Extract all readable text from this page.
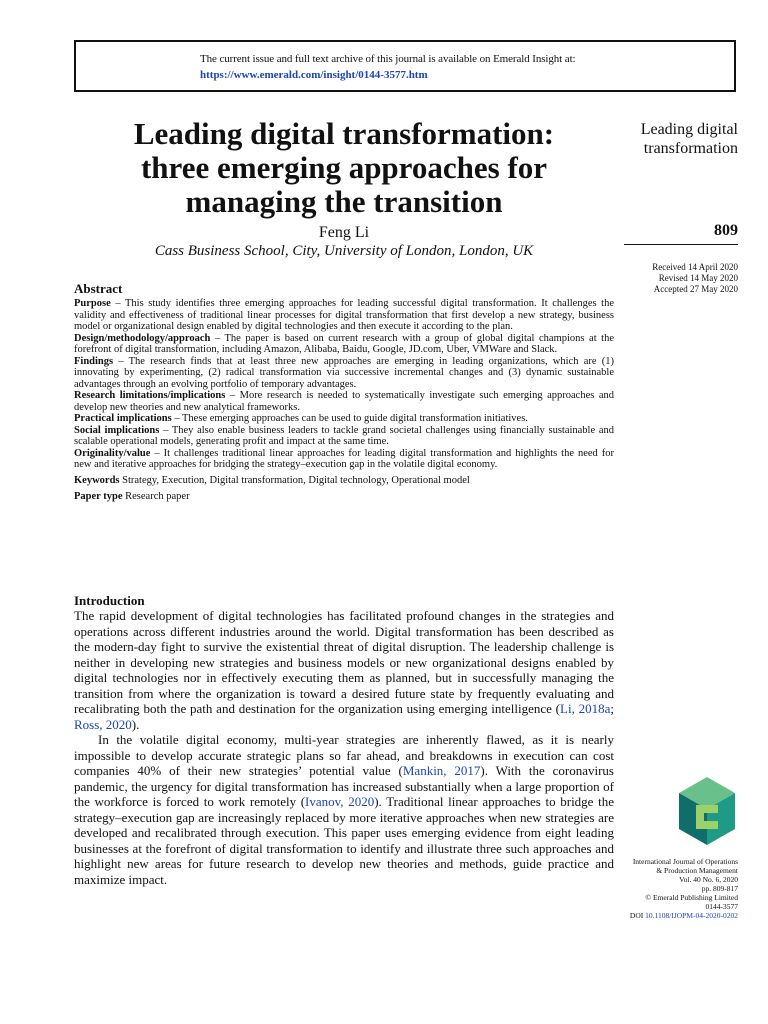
The current issue and full text archive of this journal is available on Emerald Insight at:
https://www.emerald.com/insight/0144-3577.htm
Leading digital transformation:
three emerging approaches for
managing the transition
Leading digital
transformation
809
Feng Li
Cass Business School, City, University of London, London, UK
Received 14 April 2020
Revised 14 May 2020
Accepted 27 May 2020
Abstract

Purpose – This study identifies three emerging approaches for leading successful digital transformation. It challenges the validity and effectiveness of traditional linear processes for digital transformation that first develop a new strategy, business model or organizational design enabled by digital technologies and then execute it according to the plan.

Design/methodology/approach – The paper is based on current research with a group of global digital champions at the forefront of digital transformation, including Amazon, Alibaba, Baidu, Google, JD.com, Uber, VMWare and Slack.

Findings – The research finds that at least three new approaches are emerging in leading organizations, which are (1) innovating by experimenting, (2) radical transformation via successive incremental changes and (3) dynamic sustainable advantages through an evolving portfolio of temporary advantages.

Research limitations/implications – More research is needed to systematically investigate such emerging approaches and develop new theories and new analytical frameworks.

Practical implications – These emerging approaches can be used to guide digital transformation initiatives.

Social implications – They also enable business leaders to tackle grand societal challenges using financially sustainable and scalable operational models, generating profit and impact at the same time.

Originality/value – It challenges traditional linear approaches for leading digital transformation and highlights the need for new and iterative approaches for bridging the strategy–execution gap in the volatile digital economy.

Keywords Strategy, Execution, Digital transformation, Digital technology, Operational model

Paper type Research paper

Introduction

The rapid development of digital technologies has facilitated profound changes in the strategies and operations across different industries around the world. Digital transformation has been described as the modern-day fight to survive the existential threat of digital disruption. The leadership challenge is neither in developing new strategies and business models or new organizational designs enabled by digital technologies nor in effectively executing them as planned, but in successfully managing the transition from where the organization is toward a desired future state by frequently evaluating and recalibrating both the path and destination for the organization using emerging intelligence (Li, 2018a; Ross, 2020).

In the volatile digital economy, multi-year strategies are inherently flawed, as it is nearly impossible to develop accurate strategic plans so far ahead, and breakdowns in execution can cost companies 40% of their new strategies’ potential value (Mankin, 2017). With the coronavirus pandemic, the urgency for digital transformation has increased substantially when a large proportion of the workforce is forced to work remotely (Ivanov, 2020). Traditional linear approaches to bridge the strategy–execution gap are increasingly replaced by more iterative approaches when new strategies are developed and recalibrated through execution. This paper uses emerging evidence from eight leading businesses at the forefront of digital transformation to identify and illustrate three such approaches and highlight new areas for future research to develop new theories and methods, guide practice and maximize impact.

International Journal of Operations
& Production Management
Vol. 40 No. 6, 2020
pp. 809-817
© Emerald Publishing Limited
0144-3577
DOI 10.1108/IJOPM-04-2020-0202
